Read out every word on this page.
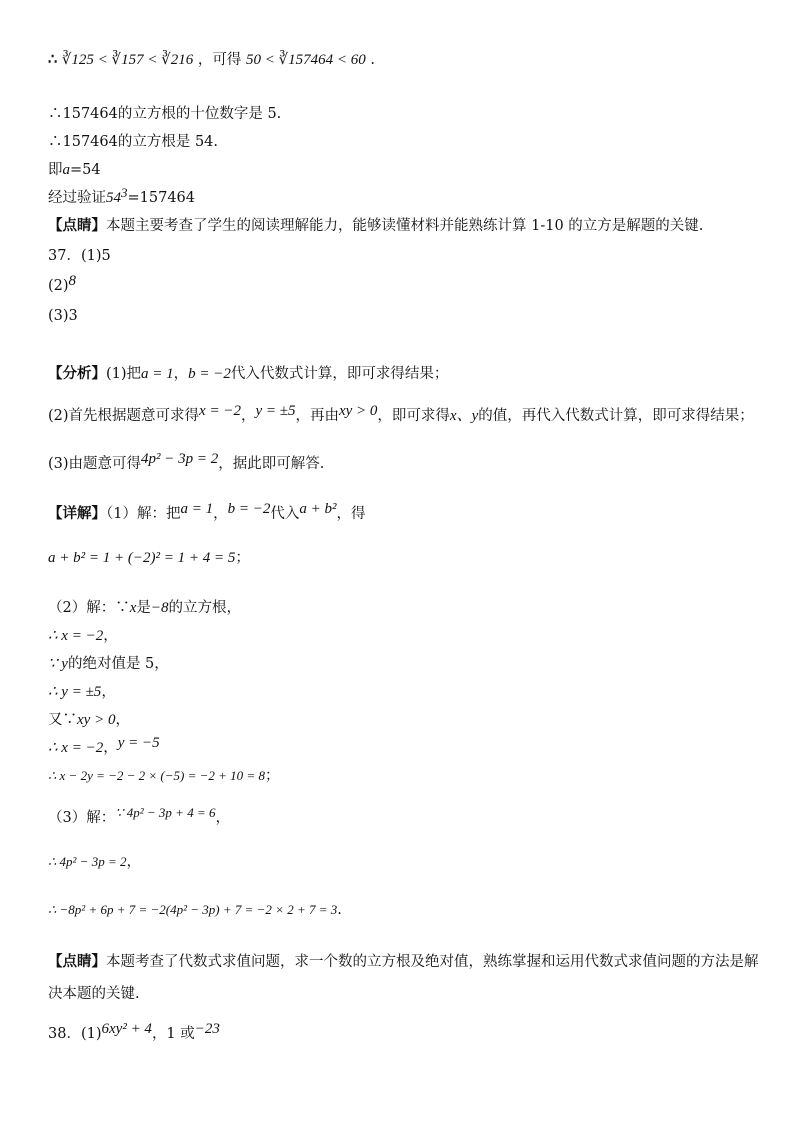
∴ ∛125 < ∛157 < ∛216 ，可得 50 < ∛157464 < 60 .
∴157464的立方根的十位数字是 5.
∴157464的立方根是 54.
即a=54
经过验证543=157464
【点睛】本题主要考查了学生的阅读理解能力，能够读懂材料并能熟练计算 1-10 的立方是解题的关键.
37．(1)5
(2)8
(3)3
【分析】(1)把a = 1，b = −2代入代数式计算，即可求得结果；
(2)首先根据题意可求得x = −2，y = ±5，再由xy > 0，即可求得x、y的值，再代入代数式计算，即可求得结果；
(3)由题意可得4p² − 3p = 2，据此即可解答.
【详解】（1）解：把a = 1，b = −2代入a + b²，得
a + b² = 1 + (−2)² = 1 + 4 = 5；
（2）解：∵x是−8的立方根，
∴ x = −2，
∵ y的绝对值是 5，
∴ y = ±5，
又∵xy > 0，
∴ x = −2，y = −5
∴ x − 2y = −2 − 2 × (−5) = −2 + 10 = 8；
（3）解：∵ 4p² − 3p + 4 = 6，
∴ 4p² − 3p = 2，
∴ −8p² + 6p + 7 = −2(4p² − 3p) + 7 = −2 × 2 + 7 = 3.
【点睛】本题考查了代数式求值问题，求一个数的立方根及绝对值，熟练掌握和运用代数式求值问题的方法是解
决本题的关键.
38．(1)6xy² + 4，1 或−23
